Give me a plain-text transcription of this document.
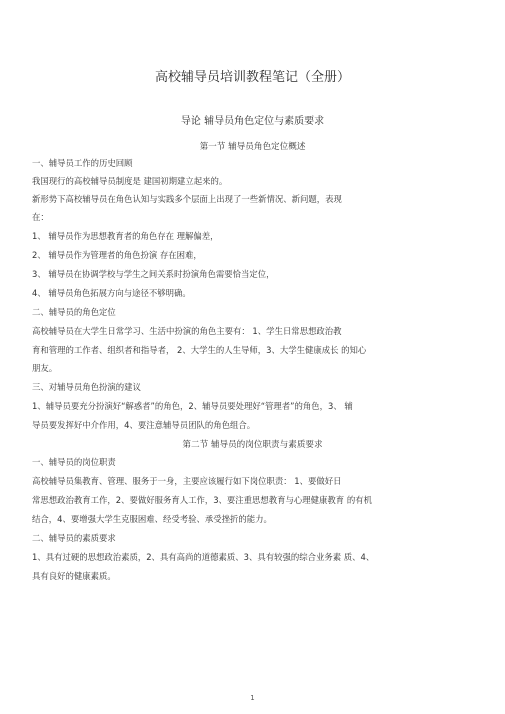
高校辅导员培训教程笔记（全册）
导论 辅导员角色定位与素质要求
第一节 辅导员角色定位概述
一、辅导员工作的历史回顾
我国现行的高校辅导员制度是 建国初期建立起来的。
新形势下高校辅导员在角色认知与实践多个层面上出现了一些新情况、新问题，表现
在：
1、 辅导员作为思想教育者的角色存在 理解偏差，
2、 辅导员作为管理者的角色扮演 存在困难，
3、 辅导员在协调学校与学生之间关系时扮演角色需要恰当定位，
4、 辅导员角色拓展方向与途径不够明确。
二、辅导员的角色定位
高校辅导员在大学生日常学习、生活中扮演的角色主要有： 1、学生日常思想政治教
育和管理的工作者、组织者和指导者， 2、大学生的人生导师，3、大学生健康成长 的知心
朋友。
三、对辅导员角色扮演的建议
1、辅导员要充分扮演好“解惑者”的角色，2、辅导员要处理好“管理者”的角色，3、 辅
导员要发挥好中介作用，4、要注意辅导员团队的角色组合。
第二节 辅导员的岗位职责与素质要求
一、辅导员的岗位职责
高校辅导员集教育、管理、服务于一身，主要应该履行如下岗位职责： 1、要做好日
常思想政治教育工作，2、要做好服务育人工作，3、要注重思想教育与心理健康教育 的有机
结合，4、要增强大学生克服困难、经受考验、承受挫折的能力。
二、辅导员的素质要求
1、具有过硬的思想政治素质，2、具有高尚的道德素质、3、具有较强的综合业务素 质、4、
具有良好的健康素质。
1
